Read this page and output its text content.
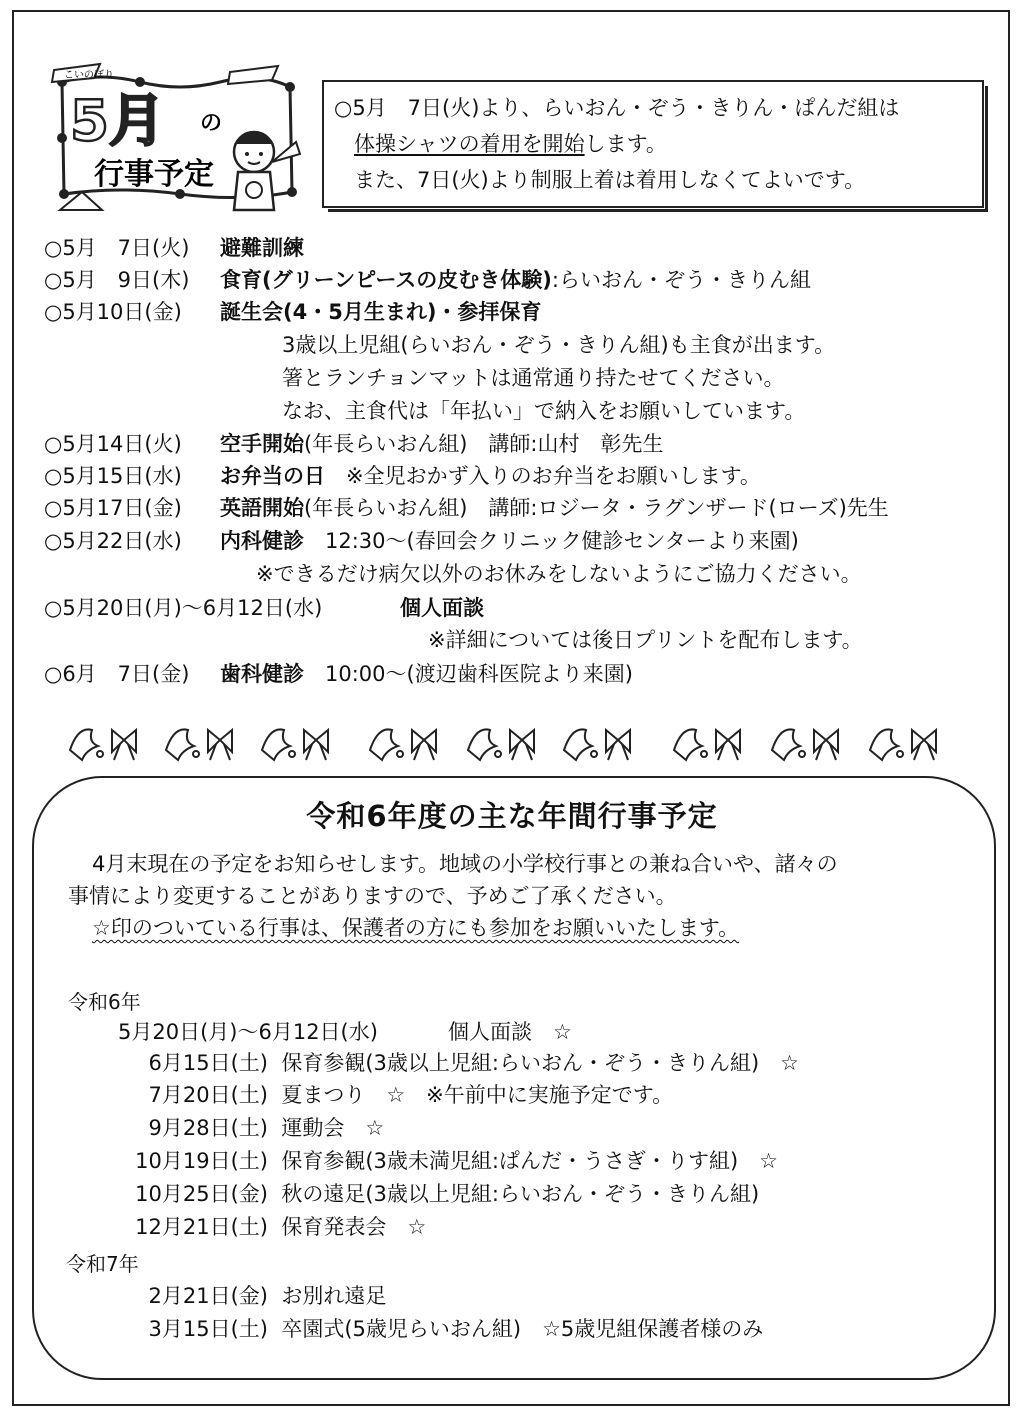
こいのぼり
5月 の
行事予定
○5月　7日(火)より、らいおん・ぞう・きりん・ぱんだ組は
体操シャツの着用を開始します。
また、7日(火)より制服上着は着用しなくてよいです。
○5月　7日(火) 避難訓練
○5月　9日(木) 食育(グリーンピースの皮むき体験):らいおん・ぞう・きりん組
○5月10日(金) 誕生会(4・5月生まれ)・参拝保育
3歳以上児組(らいおん・ぞう・きりん組)も主食が出ます。
箸とランチョンマットは通常通り持たせてください。
なお、主食代は「年払い」で納入をお願いしています。
○5月14日(火) 空手開始(年長らいおん組)　講師:山村　彰先生
○5月15日(水) お弁当の日　※全児おかず入りのお弁当をお願いします。
○5月17日(金) 英語開始(年長らいおん組)　講師:ロジータ・ラグンザード(ローズ)先生
○5月22日(水) 内科健診　12:30～(春回会クリニック健診センターより来園)
※できるだけ病欠以外のお休みをしないようにご協力ください。
○5月20日(月)～6月12日(水)	個人面談
※詳細については後日プリントを配布します。
○6月　7日(金) 歯科健診　10:00～(渡辺歯科医院より来園)
令和6年度の主な年間行事予定
4月末現在の予定をお知らせします。地域の小学校行事との兼ね合いや、諸々の
事情により変更することがありますので、予めご了承ください。
☆印のついている行事は、保護者の方にも参加をお願いいたします。
令和6年
5月20日(月)～6月12日(水)	個人面談　☆
6月15日(土) 保育参観(3歳以上児組:らいおん・ぞう・きりん組)　☆
7月20日(土) 夏まつり　☆　※午前中に実施予定です。
9月28日(土) 運動会　☆
10月19日(土) 保育参観(3歳未満児組:ぱんだ・うさぎ・りす組)　☆
10月25日(金) 秋の遠足(3歳以上児組:らいおん・ぞう・きりん組)
12月21日(土) 保育発表会　☆
令和7年
2月21日(金) お別れ遠足
3月15日(土) 卒園式(5歳児らいおん組)　☆5歳児組保護者様のみ
